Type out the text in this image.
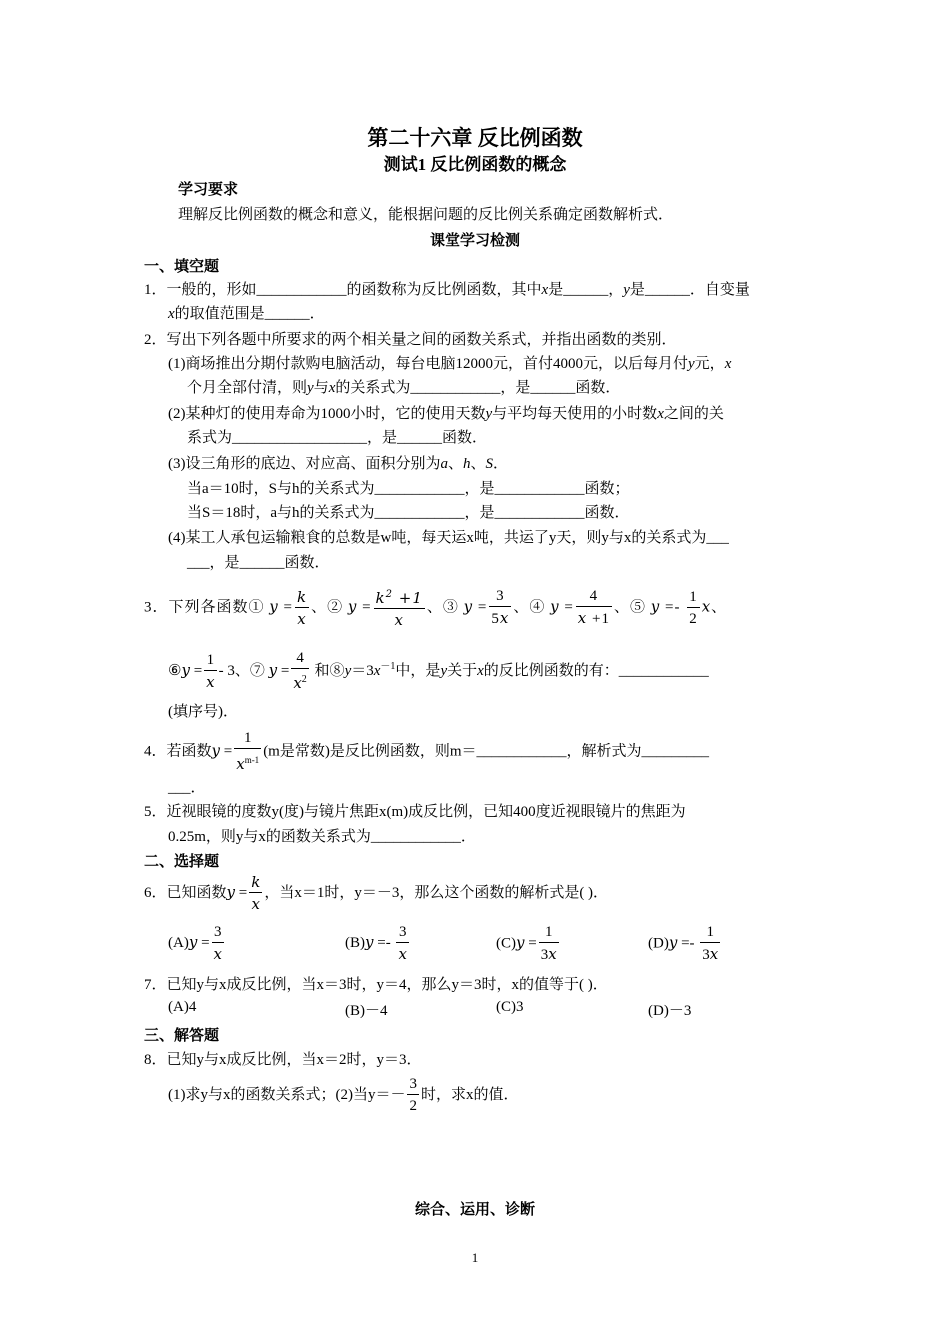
第二十六章 反比例函数
测试1 反比例函数的概念
学习要求
理解反比例函数的概念和意义，能根据问题的反比例关系确定函数解析式．
课堂学习检测
一、填空题
1．一般的，形如____________的函数称为反比例函数，其中x是______，y是______．自变量
x的取值范围是______．
2．写出下列各题中所要求的两个相关量之间的函数关系式，并指出函数的类别．
(1)商场推出分期付款购电脑活动，每台电脑12000元，首付4000元，以后每月付y元，x
个月全部付清，则y与x的关系式为____________，是______函数．
(2)某种灯的使用寿命为1000小时，它的使用天数y与平均每天使用的小时数x之间的关
系式为__________________，是______函数．
(3)设三角形的底边、对应高、面积分别为a、h、S．
当a＝10时，S与h的关系式为____________，是____________函数；
当S＝18时，a与h的关系式为____________，是____________函数．
(4)某工人承包运输粮食的总数是w吨，每天运x吨，共运了y天，则y与x的关系式为___
___，是______函数．
3．下列各函数① $y = \frac{k}{x}$ 、② $y = \frac{k^2 +1}{x}$ 、③ $y = \frac{3}{5x}$ 、④ $y = \frac{4}{x +1}$ 、⑤ $y =- \frac{1}{2}$ x、
⑥y = $\frac{1}{x} - 3$、⑦ $y = \frac{4}{x^2}$ 和$⑧y=3x^{-1}$中，是y关于x的反比例函数的有：____________
(填序号)．
4．若函数$y = \frac{1}{x^{m-1}} (m$是常数)是反比例函数，则m＝____________，解析式为_________
___．
5．近视眼镜的度数y(度)与镜片焦距x(m)成反比例，已知400度近视眼镜片的焦距为
0.25m，则y与x的函数关系式为____________．
二、选择题
6．已知函数$y = \frac{k}{x}$ ，当x＝1时，y＝－3，那么这个函数的解析式是( )．
$(A)y = \frac{3}{x}$	$(B)y =- \frac{3}{x}$	$(C)y = \frac{1}{3x}$	$(D)y =- \frac{1}{3x}$
7．已知y与x成反比例，当x＝3时，y＝4，那么y＝3时，x的值等于( )．
(A)4	(B)－4	(C)3	(D)－3
三、解答题
8．已知y与x成反比例，当x＝2时，y＝3．
(1)求y与x的函数关系式；(2)当$y=- \frac{3}{2}$ 时，求x的值．
综合、运用、诊断
1
